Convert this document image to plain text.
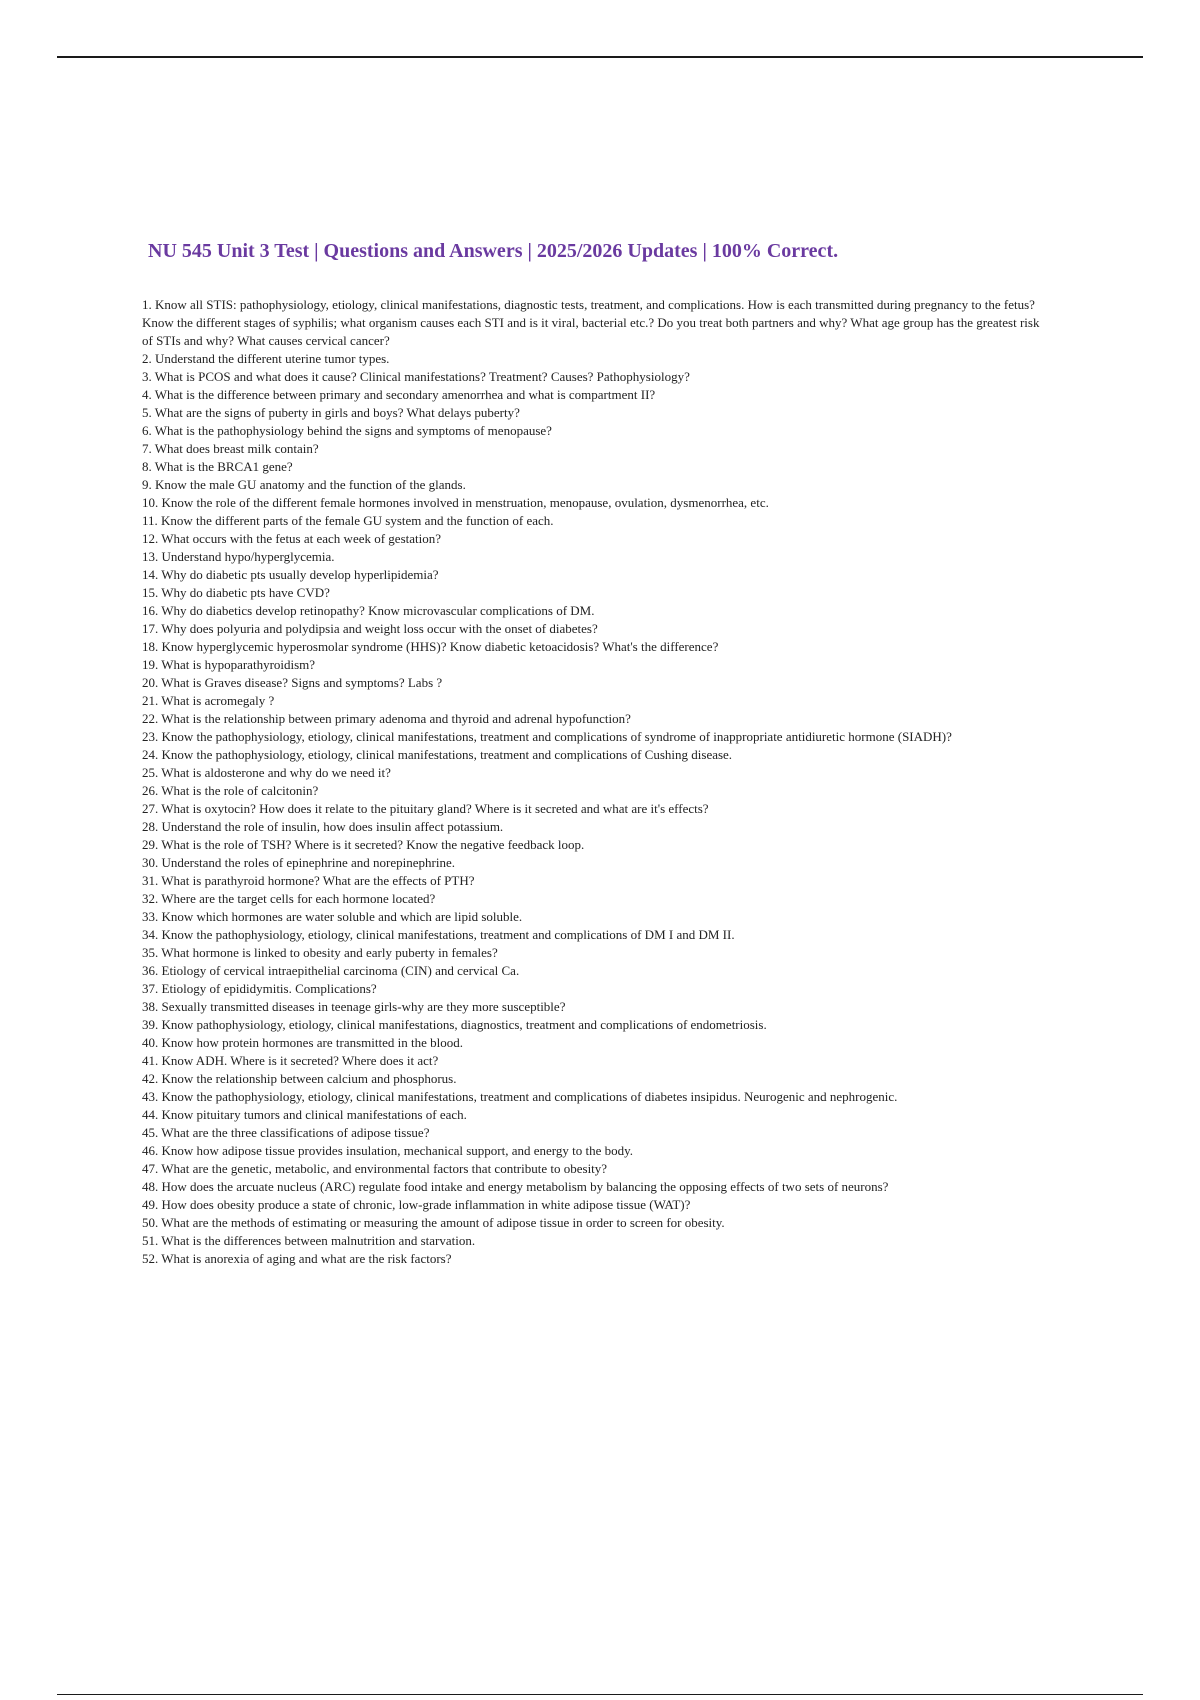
NU 545 Unit 3 Test | Questions and Answers | 2025/2026 Updates | 100% Correct.
1. Know all STIS: pathophysiology, etiology, clinical manifestations, diagnostic tests, treatment, and complications. How is each transmitted during pregnancy to the fetus? Know the different stages of syphilis; what organism causes each STI and is it viral, bacterial etc.? Do you treat both partners and why? What age group has the greatest risk of STIs and why? What causes cervical cancer?
2. Understand the different uterine tumor types.
3. What is PCOS and what does it cause? Clinical manifestations? Treatment? Causes? Pathophysiology?
4. What is the difference between primary and secondary amenorrhea and what is compartment II?
5. What are the signs of puberty in girls and boys? What delays puberty?
6. What is the pathophysiology behind the signs and symptoms of menopause?
7. What does breast milk contain?
8. What is the BRCA1 gene?
9. Know the male GU anatomy and the function of the glands.
10. Know the role of the different female hormones involved in menstruation, menopause, ovulation, dysmenorrhea, etc.
11. Know the different parts of the female GU system and the function of each.
12. What occurs with the fetus at each week of gestation?
13. Understand hypo/hyperglycemia.
14. Why do diabetic pts usually develop hyperlipidemia?
15. Why do diabetic pts have CVD?
16. Why do diabetics develop retinopathy? Know microvascular complications of DM.
17. Why does polyuria and polydipsia and weight loss occur with the onset of diabetes?
18. Know hyperglycemic hyperosmolar syndrome (HHS)? Know diabetic ketoacidosis? What's the difference?
19. What is hypoparathyroidism?
20. What is Graves disease? Signs and symptoms? Labs ?
21. What is acromegaly ?
22. What is the relationship between primary adenoma and thyroid and adrenal hypofunction?
23. Know the pathophysiology, etiology, clinical manifestations, treatment and complications of syndrome of inappropriate antidiuretic hormone (SIADH)?
24. Know the pathophysiology, etiology, clinical manifestations, treatment and complications of Cushing disease.
25. What is aldosterone and why do we need it?
26. What is the role of calcitonin?
27. What is oxytocin? How does it relate to the pituitary gland? Where is it secreted and what are it's effects?
28. Understand the role of insulin, how does insulin affect potassium.
29. What is the role of TSH? Where is it secreted? Know the negative feedback loop.
30. Understand the roles of epinephrine and norepinephrine.
31. What is parathyroid hormone? What are the effects of PTH?
32. Where are the target cells for each hormone located?
33. Know which hormones are water soluble and which are lipid soluble.
34. Know the pathophysiology, etiology, clinical manifestations, treatment and complications of DM I and DM II.
35. What hormone is linked to obesity and early puberty in females?
36. Etiology of cervical intraepithelial carcinoma (CIN) and cervical Ca.
37. Etiology of epididymitis. Complications?
38. Sexually transmitted diseases in teenage girls-why are they more susceptible?
39. Know pathophysiology, etiology, clinical manifestations, diagnostics, treatment and complications of endometriosis.
40. Know how protein hormones are transmitted in the blood.
41. Know ADH. Where is it secreted? Where does it act?
42. Know the relationship between calcium and phosphorus.
43. Know the pathophysiology, etiology, clinical manifestations, treatment and complications of diabetes insipidus. Neurogenic and nephrogenic.
44. Know pituitary tumors and clinical manifestations of each.
45. What are the three classifications of adipose tissue?
46. Know how adipose tissue provides insulation, mechanical support, and energy to the body.
47. What are the genetic, metabolic, and environmental factors that contribute to obesity?
48. How does the arcuate nucleus (ARC) regulate food intake and energy metabolism by balancing the opposing effects of two sets of neurons?
49. How does obesity produce a state of chronic, low-grade inflammation in white adipose tissue (WAT)?
50. What are the methods of estimating or measuring the amount of adipose tissue in order to screen for obesity.
51. What is the differences between malnutrition and starvation.
52. What is anorexia of aging and what are the risk factors?
